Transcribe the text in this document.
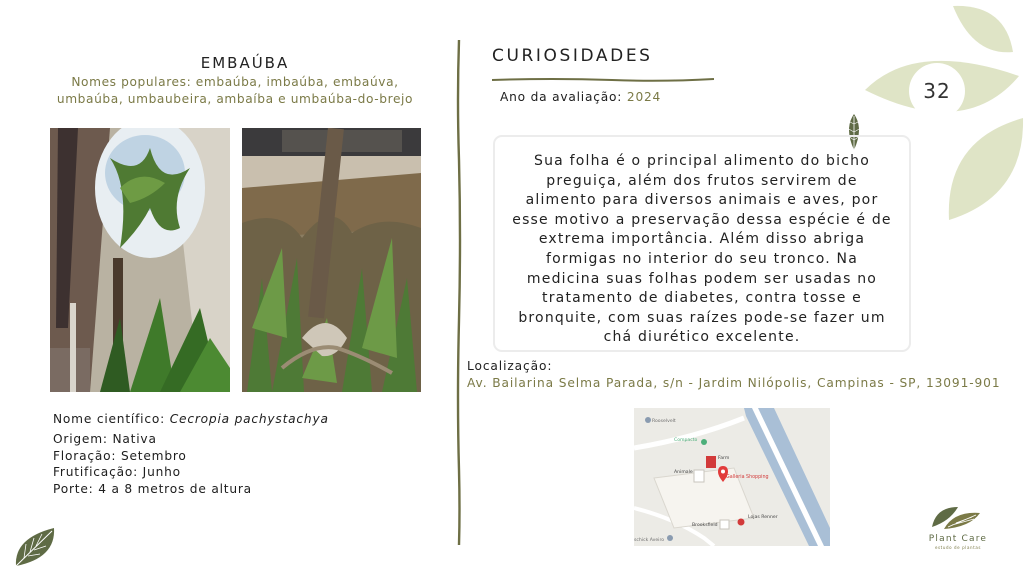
EMBAÚBA
Nomes populares: embaúba, imbaúba, embaúva, umbaúba, umbaubeira, ambaíba e umbaúba-do-brejo
Nome científico: Cecropia pachystachya
Origem: Nativa
Floração: Setembro
Frutificação: Junho
Porte: 4 a 8 metros de altura
CURIOSIDADES
Ano da avaliação: 2024
Sua folha é o principal alimento do bicho preguiça, além dos frutos servirem de alimento para diversos animais e aves, por esse motivo a preservação dessa espécie é de extrema importância. Além disso abriga formigas no interior do seu tronco. Na medicina suas folhas podem ser usadas no tratamento de diabetes, contra tosse e bronquite, com suas raízes pode-se fazer um chá diurético excelente.
Localização:
Av. Bailarina Selma Parada, s/n - Jardim Nilópolis, Campinas - SP, 13091-901
Rooselvelt
Compacto
Farm
Animale
Galleria Shopping
Brooksfield
Lojas Renner
schick Aveiro
32
Plant Care
estudo de plantas
